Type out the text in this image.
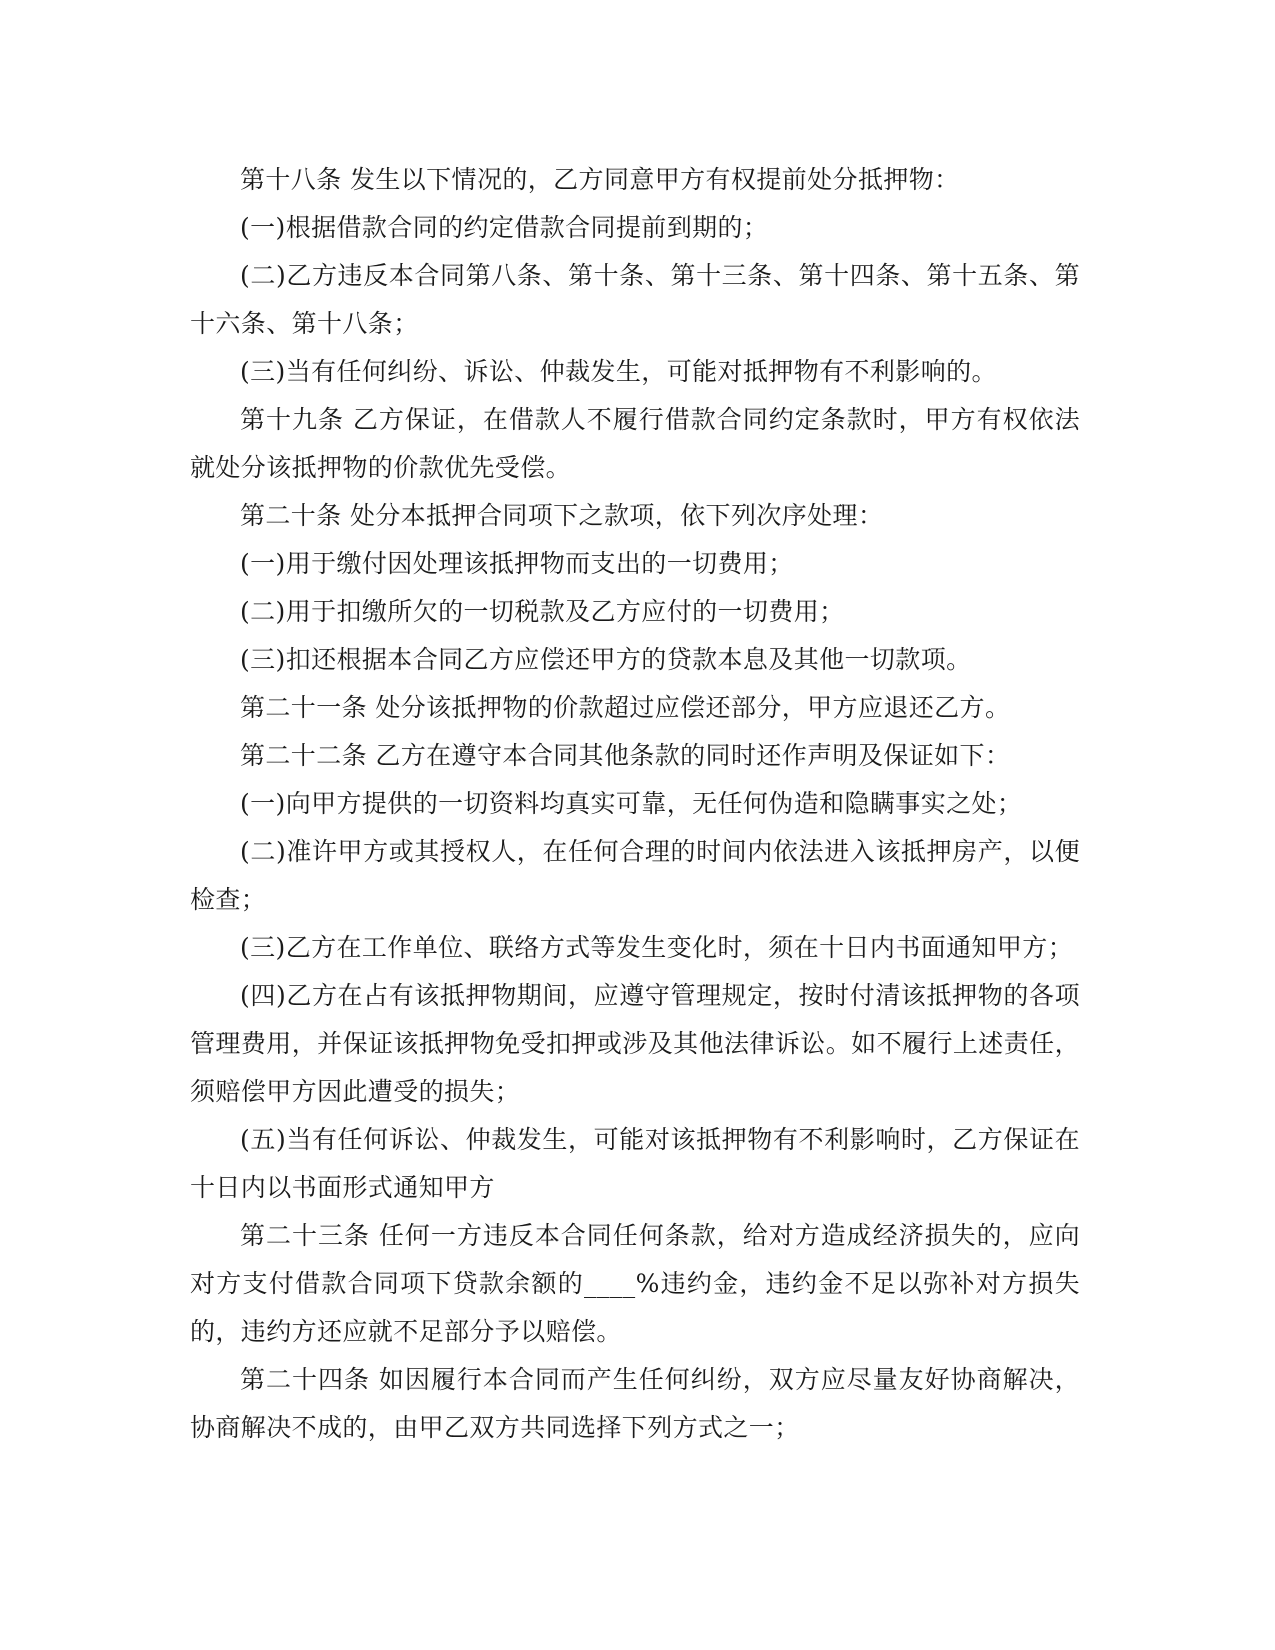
第十八条 发生以下情况的，乙方同意甲方有权提前处分抵押物：

(一)根据借款合同的约定借款合同提前到期的；

(二)乙方违反本合同第八条、第十条、第十三条、第十四条、第十五条、第十六条、第十八条；

(三)当有任何纠纷、诉讼、仲裁发生，可能对抵押物有不利影响的。

第十九条 乙方保证，在借款人不履行借款合同约定条款时，甲方有权依法就处分该抵押物的价款优先受偿。

第二十条 处分本抵押合同项下之款项，依下列次序处理：

(一)用于缴付因处理该抵押物而支出的一切费用；

(二)用于扣缴所欠的一切税款及乙方应付的一切费用；

(三)扣还根据本合同乙方应偿还甲方的贷款本息及其他一切款项。

第二十一条 处分该抵押物的价款超过应偿还部分，甲方应退还乙方。

第二十二条 乙方在遵守本合同其他条款的同时还作声明及保证如下：

(一)向甲方提供的一切资料均真实可靠，无任何伪造和隐瞒事实之处；

(二)准许甲方或其授权人，在任何合理的时间内依法进入该抵押房产，以便检查；

(三)乙方在工作单位、联络方式等发生变化时，须在十日内书面通知甲方；

(四)乙方在占有该抵押物期间，应遵守管理规定，按时付清该抵押物的各项管理费用，并保证该抵押物免受扣押或涉及其他法律诉讼。如不履行上述责任，须赔偿甲方因此遭受的损失；

(五)当有任何诉讼、仲裁发生，可能对该抵押物有不利影响时，乙方保证在十日内以书面形式通知甲方

第二十三条 任何一方违反本合同任何条款，给对方造成经济损失的，应向对方支付借款合同项下贷款余额的____%违约金，违约金不足以弥补对方损失的，违约方还应就不足部分予以赔偿。

第二十四条 如因履行本合同而产生任何纠纷，双方应尽量友好协商解决，协商解决不成的，由甲乙双方共同选择下列方式之一；
